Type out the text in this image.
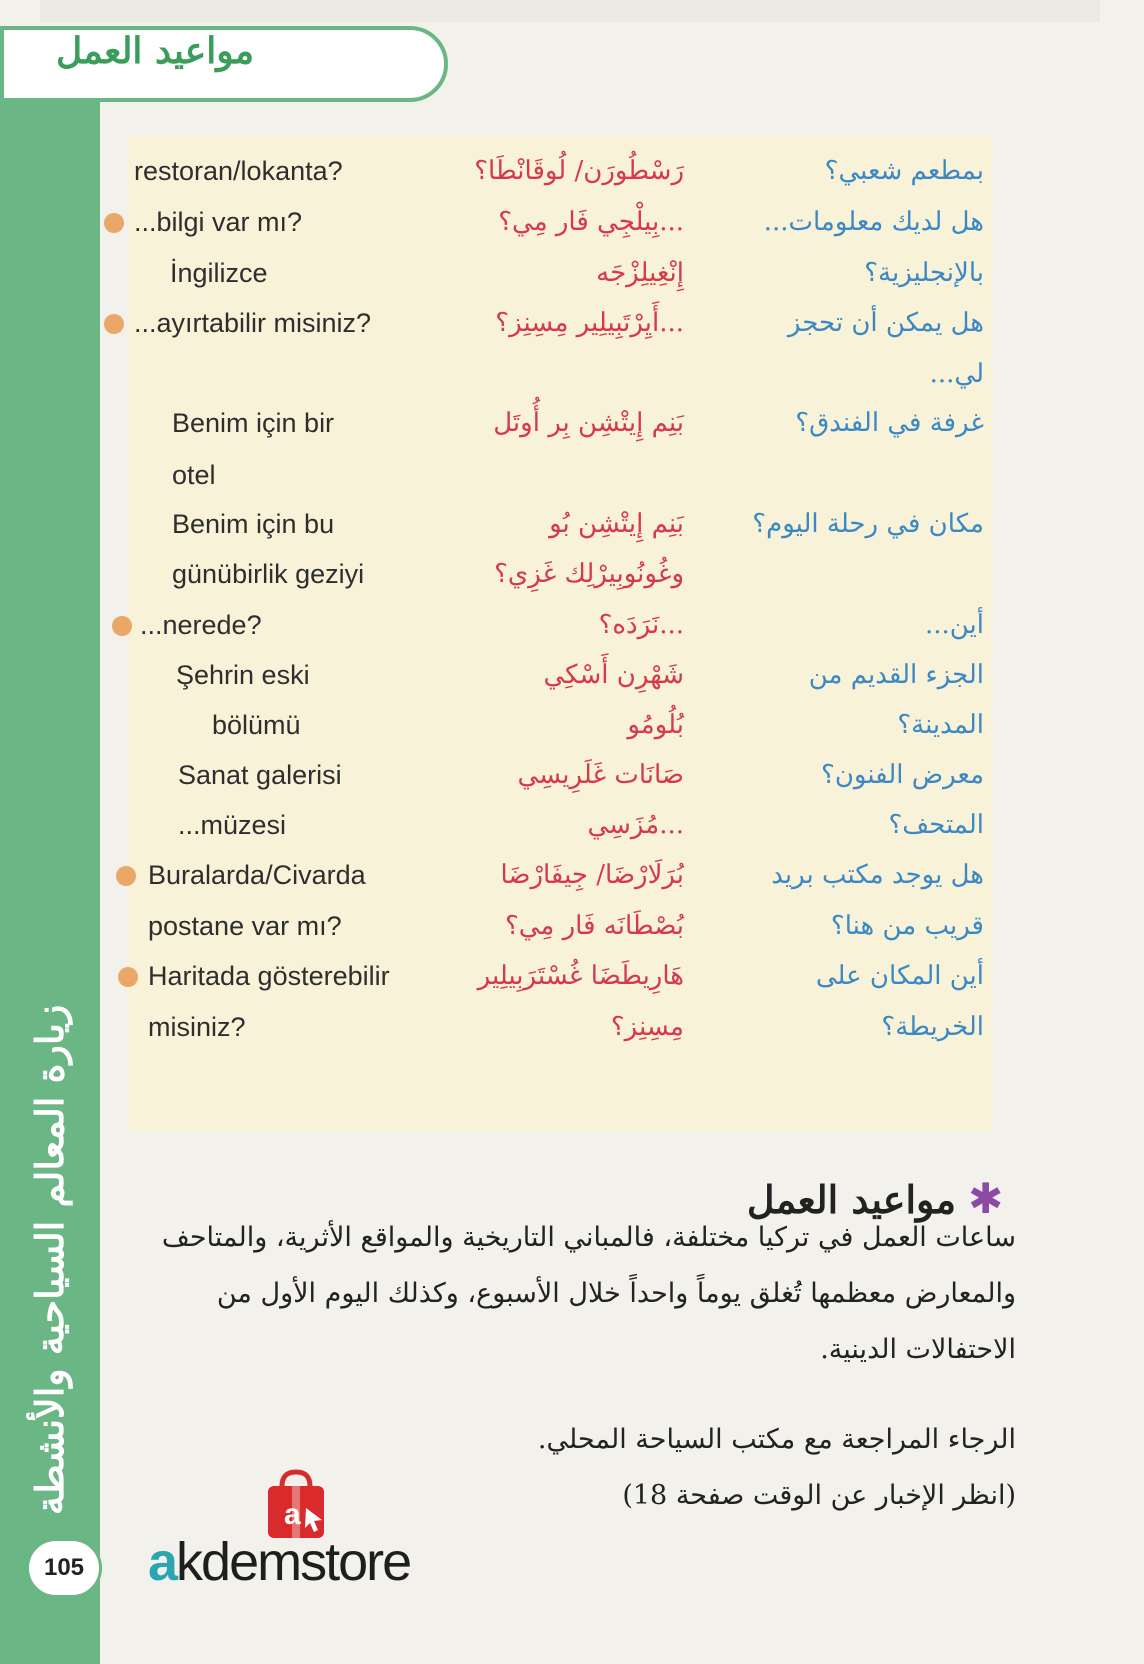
زيارة المعالم السياحية والأنشطة
مواعيد العمل
restoran/lokanta?	رَسْطُورَن/ لُوقَانْطَا؟	بمطعم شعبي؟
...bilgi var mı?	...بِيلْجِي فَار مِي؟	هل لديك معلومات...
İngilizce	إِنْغِيلِزْجَه	بالإنجليزية؟
...ayırtabilir misiniz?	...أَيِرْتَبِيلِير مِسِنِز؟	هل يمكن أن تحجز
لي...
Benim için bir	بَنِم إِيتْشِن بِر أُوتَل	غرفة في الفندق؟
otel
Benim için bu	بَنِم إِيتْشِن بُو	مكان في رحلة اليوم؟
günübirlik geziyi	وغُونُوبِيرْلِك غَزِي؟
...nerede?	...نَرَدَه؟	أين...
Şehrin eski	شَهْرِن أَسْكِي	الجزء القديم من
bölümü	بُلُومُو	المدينة؟
Sanat galerisi	صَانَات غَلَرِيسِي	معرض الفنون؟
...müzesi	...مُزَسِي	المتحف؟
Buralarda/Civarda	بُرَلَارْضَا/ جِيفَارْضَا	هل يوجد مكتب بريد
postane var mı?	بُصْطَانَه فَار مِي؟	قريب من هنا؟
Haritada gösterebilir	هَارِيطَضَا غُسْتَرَبِيلِير	أين المكان على
misiniz?	مِسِنِز؟	الخريطة؟
✱
مواعيد العمل
ساعات العمل في تركيا مختلفة، فالمباني التاريخية والمواقع الأثرية، والمتاحف
والمعارض معظمها تُغلق يوماً واحداً خلال الأسبوع، وكذلك اليوم الأول من
الاحتفالات الدينية.
الرجاء المراجعة مع مكتب السياحة المحلي.
(انظر الإخبار عن الوقت صفحة 18)
105
a
akdemstore
